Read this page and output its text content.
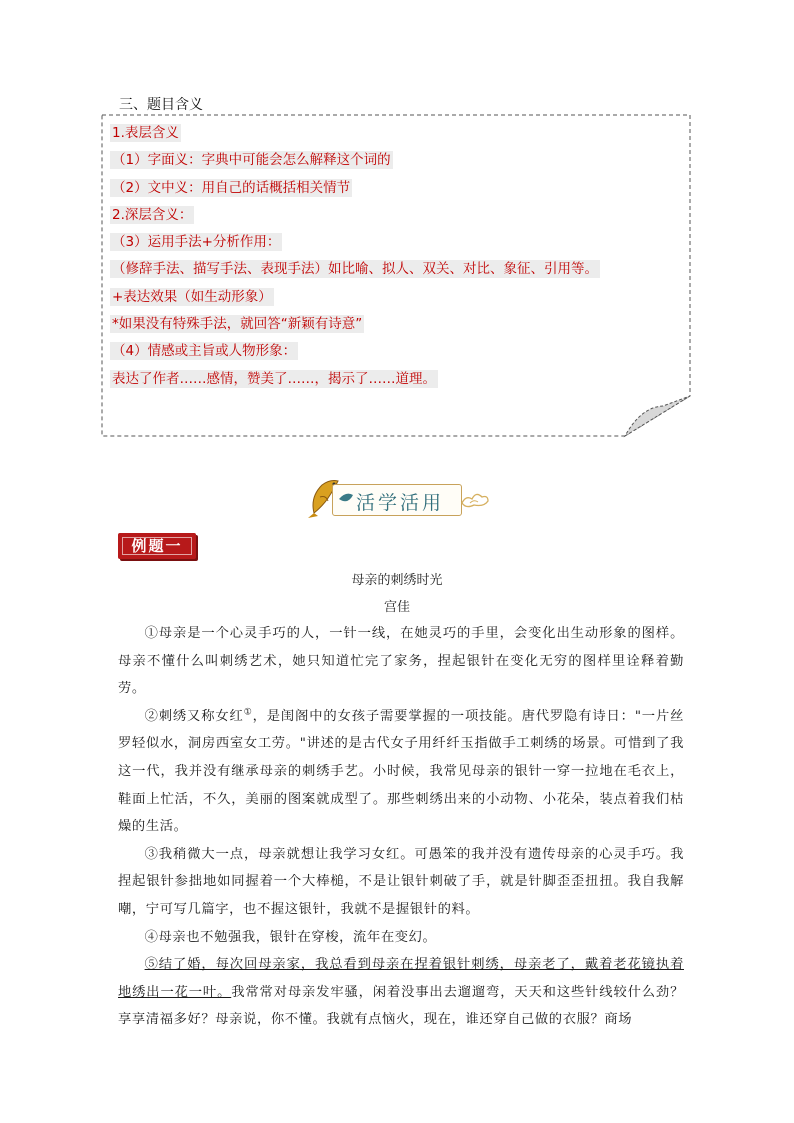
三、题目含义
1.表层含义
（1）字面义：字典中可能会怎么解释这个词的
（2）文中义：用自己的话概括相关情节
2.深层含义：
（3）运用手法+分析作用：
（修辞手法、描写手法、表现手法）如比喻、拟人、双关、对比、象征、引用等。
+表达效果（如生动形象）
*如果没有特殊手法，就回答“新颖有诗意”
（4）情感或主旨或人物形象：
表达了作者……感情，赞美了……，揭示了……道理。
活学活用
例题一
母亲的刺绣时光
宫佳

①母亲是一个心灵手巧的人，一针一线，在她灵巧的手里，会变化出生动形象的图样。母亲不懂什么叫刺绣艺术，她只知道忙完了家务，捏起银针在变化无穷的图样里诠释着勤劳。

②刺绣又称女红①，是闺阁中的女孩子需要掌握的一项技能。唐代罗隐有诗日："一片丝罗轻似水，洞房西室女工劳。"讲述的是古代女子用纤纤玉指做手工刺绣的场景。可惜到了我这一代，我并没有继承母亲的刺绣手艺。小时候，我常见母亲的银针一穿一拉地在毛衣上，鞋面上忙活，不久，美丽的图案就成型了。那些刺绣出来的小动物、小花朵，装点着我们枯燥的生活。

③我稍微大一点，母亲就想让我学习女红。可愚笨的我并没有遗传母亲的心灵手巧。我捏起银针参拙地如同握着一个大棒槌，不是让银针刺破了手，就是针脚歪歪扭扭。我自我解嘲，宁可写几篇字，也不握这银针，我就不是握银针的料。

④母亲也不勉强我，银针在穿梭，流年在变幻。

⑤结了婚，每次回母亲家，我总看到母亲在捏着银针刺绣，母亲老了，戴着老花镜执着地绣出一花一叶。我常常对母亲发牢骚，闲着没事出去遛遛弯，天天和这些针线较什么劲？享享清福多好？母亲说，你不懂。我就有点恼火，现在，谁还穿自己做的衣服？商场
